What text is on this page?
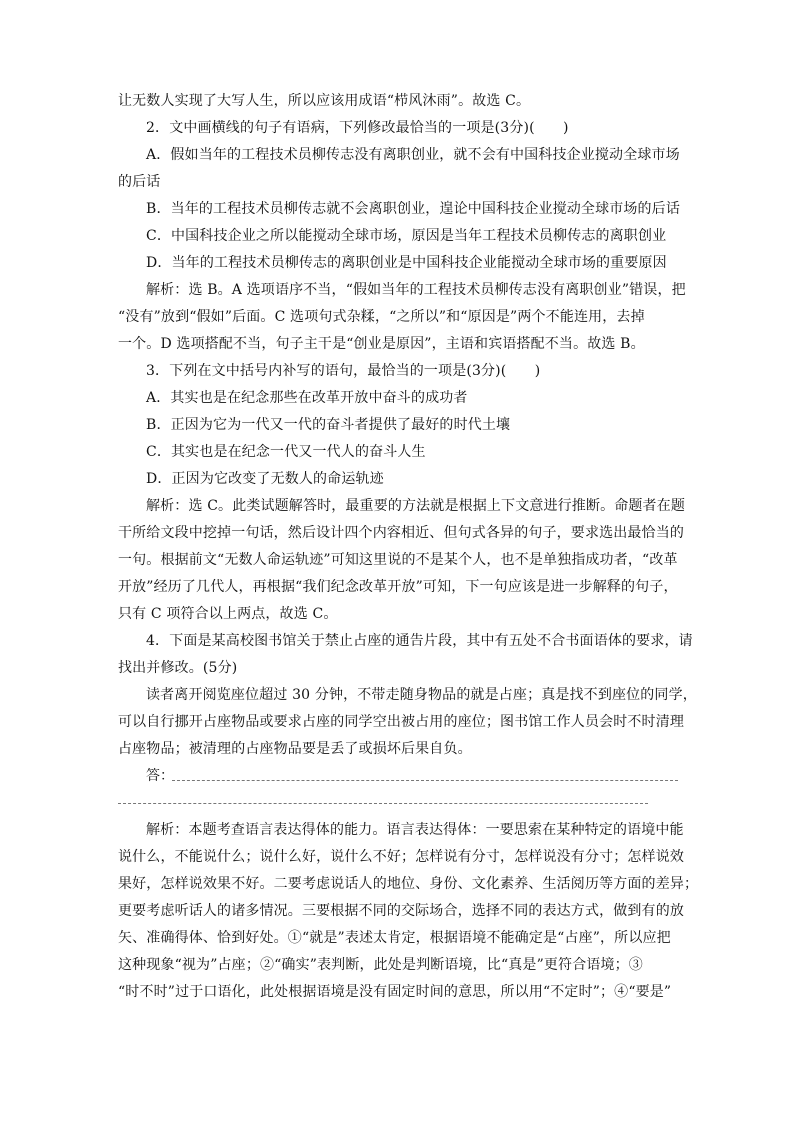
让无数人实现了大写人生，所以应该用成语“栉风沐雨”。故选 C。
2．文中画横线的句子有语病，下列修改最恰当的一项是(3分)(　　)
A．假如当年的工程技术员柳传志没有离职创业，就不会有中国科技企业搅动全球市场
的后话
B．当年的工程技术员柳传志就不会离职创业，遑论中国科技企业搅动全球市场的后话
C．中国科技企业之所以能搅动全球市场，原因是当年工程技术员柳传志的离职创业
D．当年的工程技术员柳传志的离职创业是中国科技企业能搅动全球市场的重要原因
解析：选 B。A 选项语序不当，“假如当年的工程技术员柳传志没有离职创业”错误，把
“没有”放到“假如”后面。C 选项句式杂糅，“之所以”和“原因是”两个不能连用，去掉
一个。D 选项搭配不当，句子主干是“创业是原因”，主语和宾语搭配不当。故选 B。
3．下列在文中括号内补写的语句，最恰当的一项是(3分)(　　)
A．其实也是在纪念那些在改革开放中奋斗的成功者
B．正因为它为一代又一代的奋斗者提供了最好的时代土壤
C．其实也是在纪念一代又一代人的奋斗人生
D．正因为它改变了无数人的命运轨迹
解析：选 C。此类试题解答时，最重要的方法就是根据上下文意进行推断。命题者在题
干所给文段中挖掉一句话，然后设计四个内容相近、但句式各异的句子，要求选出最恰当的
一句。根据前文“无数人命运轨迹”可知这里说的不是某个人，也不是单独指成功者，“改革
开放”经历了几代人，再根据“我们纪念改革开放”可知，下一句应该是进一步解释的句子，
只有 C 项符合以上两点，故选 C。
4．下面是某高校图书馆关于禁止占座的通告片段，其中有五处不合书面语体的要求，请
找出并修改。(5分)
读者离开阅览座位超过 30 分钟，不带走随身物品的就是占座；真是找不到座位的同学，
可以自行挪开占座物品或要求占座的同学空出被占用的座位；图书馆工作人员会时不时清理
占座物品；被清理的占座物品要是丢了或损坏后果自负。
答：
解析：本题考查语言表达得体的能力。语言表达得体：一要思索在某种特定的语境中能
说什么，不能说什么；说什么好，说什么不好；怎样说有分寸，怎样说没有分寸；怎样说效
果好，怎样说效果不好。二要考虑说话人的地位、身份、文化素养、生活阅历等方面的差异；
更要考虑听话人的诸多情况。三要根据不同的交际场合，选择不同的表达方式，做到有的放
矢、准确得体、恰到好处。①“就是”表述太肯定，根据语境不能确定是“占座”，所以应把
这种现象“视为”占座；②“确实”表判断，此处是判断语境，比“真是”更符合语境；③
“时不时”过于口语化，此处根据语境是没有固定时间的意思，所以用“不定时”；④“要是”
